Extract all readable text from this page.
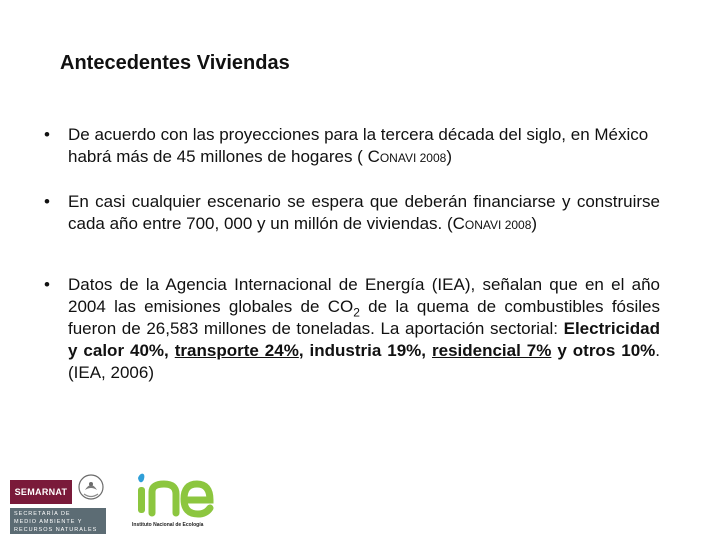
Antecedentes Viviendas
• De acuerdo con las proyecciones para la tercera década del siglo, en México habrá más de 45 millones de hogares ( CONAVI 2008)
• En casi cualquier escenario se espera que deberán financiarse y construirse cada año entre 700, 000 y un millón de viviendas. (CONAVI 2008)
• Datos de la Agencia Internacional de Energía (IEA), señalan que en el año 2004 las emisiones globales de $CO_2$ de la quema de combustibles fósiles fueron de 26,583 millones de toneladas. La aportación sectorial: Electricidad y calor 40%, transporte 24%, industria 19%, residencial 7% y otros 10%. (IEA, 2006)
SEMARNAT
SECRETARÍA DE
MEDIO AMBIENTE Y
RECURSOS NATURALES
Instituto Nacional de Ecología
